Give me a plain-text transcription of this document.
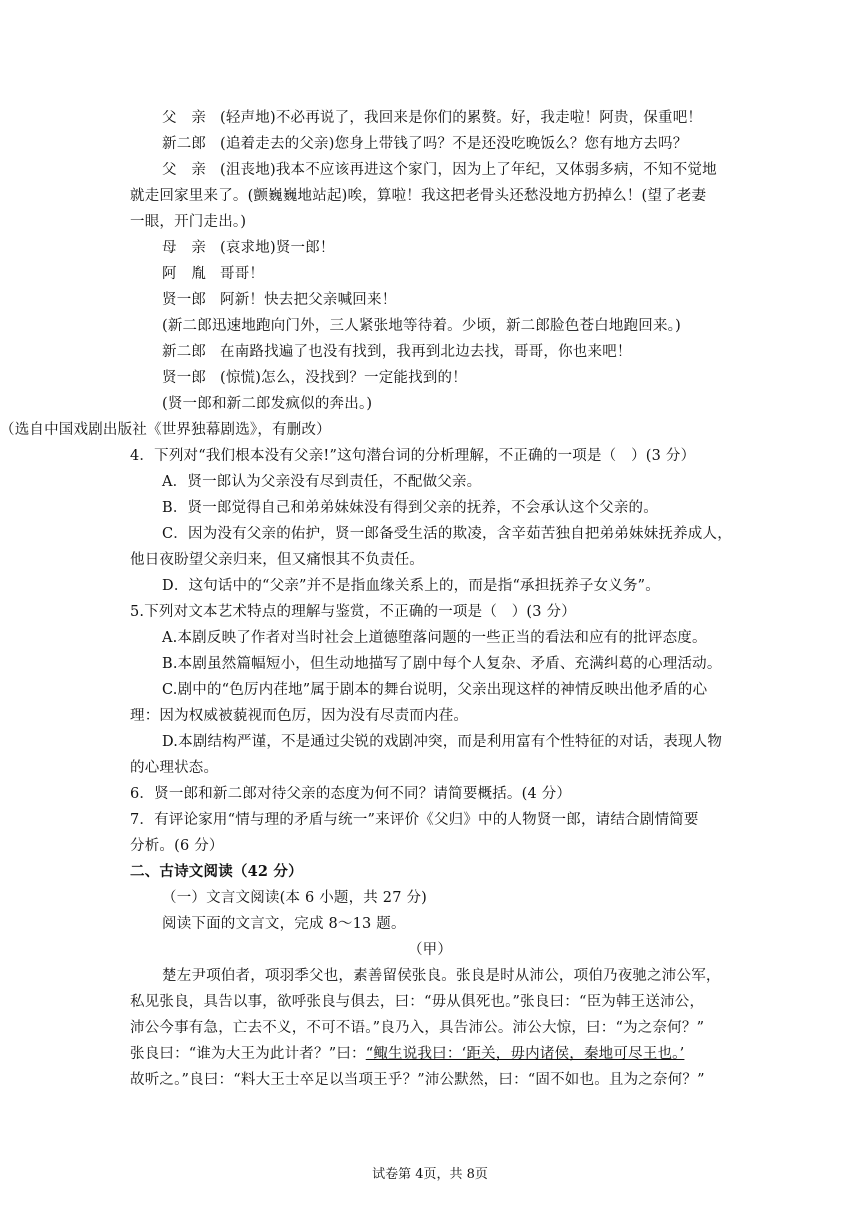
父　亲 (轻声地)不必再说了，我回来是你们的累赘。好，我走啦！阿贵，保重吧！
新二郎 (追着走去的父亲)您身上带钱了吗？不是还没吃晚饭么？您有地方去吗？
父　亲 (沮丧地)我本不应该再进这个家门，因为上了年纪，又体弱多病，不知不觉地
就走回家里来了。(颤巍巍地站起)唉，算啦！我这把老骨头还愁没地方扔掉么！(望了老妻
一眼，开门走出。)
母　亲 (哀求地)贤一郎！
阿　胤 哥哥！
贤一郎 阿新！快去把父亲喊回来！
(新二郎迅速地跑向门外，三人紧张地等待着。少顷，新二郎脸色苍白地跑回来。)
新二郎 在南路找遍了也没有找到，我再到北边去找，哥哥，你也来吧！
贤一郎 (惊慌)怎么，没找到？一定能找到的！
(贤一郎和新二郎发疯似的奔出。)
（选自中国戏剧出版社《世界独幕剧选》，有删改）
4．下列对“我们根本没有父亲!”这句潜台词的分析理解，不正确的一项是（　）(3 分）
A．贤一郎认为父亲没有尽到责任，不配做父亲。
B．贤一郎觉得自己和弟弟妹妹没有得到父亲的抚养，不会承认这个父亲的。
C．因为没有父亲的佑护，贤一郎备受生活的欺凌，含辛茹苦独自把弟弟妹妹抚养成人，
他日夜盼望父亲归来，但又痛恨其不负责任。
D．这句话中的“父亲”并不是指血缘关系上的，而是指“承担抚养子女义务”。
5.下列对文本艺术特点的理解与鉴赏，不正确的一项是（　）(3 分）
A.本剧反映了作者对当时社会上道德堕落问题的一些正当的看法和应有的批评态度。
B.本剧虽然篇幅短小，但生动地描写了剧中每个人复杂、矛盾、充满纠葛的心理活动。
C.剧中的“色厉内荏地”属于剧本的舞台说明，父亲出现这样的神情反映出他矛盾的心
理：因为权威被藐视而色厉，因为没有尽责而内荏。
D.本剧结构严谨，不是通过尖锐的戏剧冲突，而是利用富有个性特征的对话，表现人物
的心理状态。
6．贤一郎和新二郎对待父亲的态度为何不同？请简要概括。(4 分）
7．有评论家用“情与理的矛盾与统一”来评价《父归》中的人物贤一郎，请结合剧情简要
分析。(6 分）
二、古诗文阅读（42 分）
（一）文言文阅读(本 6 小题，共 27 分)
阅读下面的文言文，完成 8～13 题。
（甲）
楚左尹项伯者，项羽季父也，素善留侯张良。张良是时从沛公，项伯乃夜驰之沛公军，
私见张良，具告以事，欲呼张良与俱去，曰：“毋从俱死也。”张良曰：“臣为韩王送沛公，
沛公今事有急，亡去不义，不可不语。”良乃入，具告沛公。沛公大惊，曰：“为之奈何？”
张良曰：“谁为大王为此计者？”曰：“鲰生说我曰：‘距关，毋内诸侯，秦地可尽王也。’
故听之。”良曰：“料大王士卒足以当项王乎？”沛公默然，曰：“固不如也。且为之奈何？”
试卷第 4页，共 8页
